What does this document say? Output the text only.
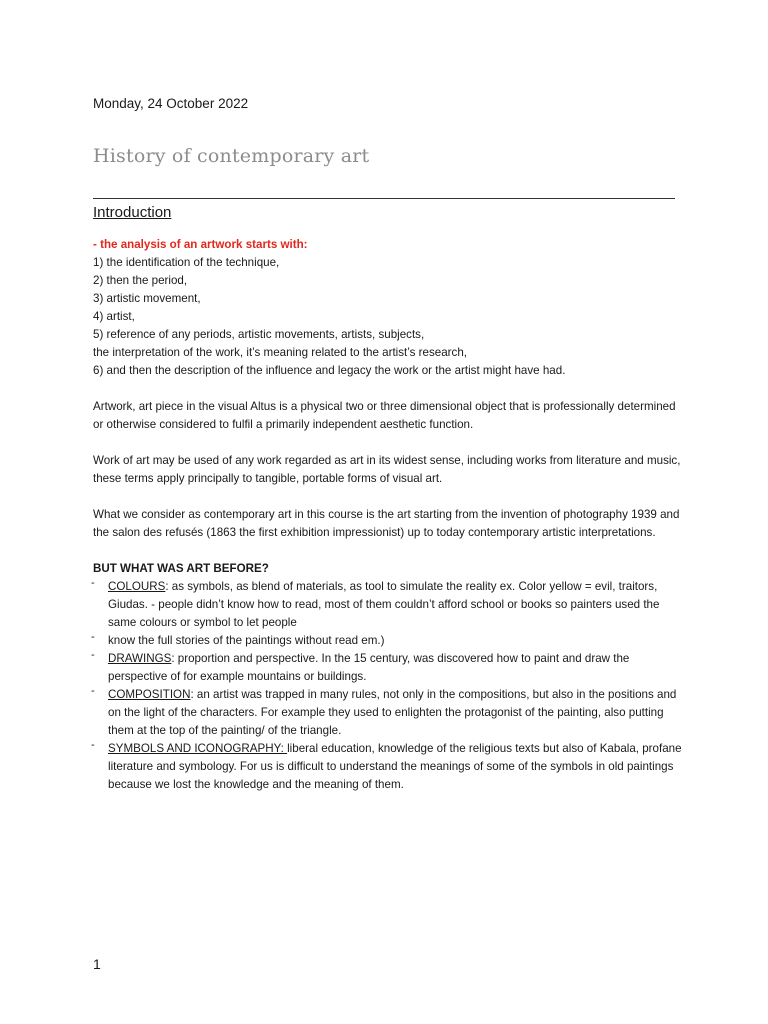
Monday, 24 October 2022
History of contemporary art
Introduction
- the analysis of an artwork starts with:
1) the identification of the technique,
2) then the period,
3) artistic movement,
4) artist,
5) reference of any periods, artistic movements, artists, subjects,
the interpretation of the work, it’s meaning related to the artist’s research,
6) and then the description of the influence and legacy the work or the artist might have had.
Artwork, art piece in the visual Altus is a physical two or three dimensional object that is professionally determined or otherwise considered to fulfil a primarily independent aesthetic function.
Work of art may be used of any work regarded as art in its widest sense, including works from literature and music, these terms apply principally to tangible, portable forms of visual art.
What we consider as contemporary art in this course is the art starting from the invention of photography 1939 and the salon des refusés (1863 the first exhibition impressionist) up to today contemporary artistic interpretations.
BUT WHAT WAS ART BEFORE?
- COLOURS: as symbols, as blend of materials, as tool to simulate the reality ex. Color yellow = evil, traitors, Giudas. - people didn’t know how to read, most of them couldn’t afford school or books so painters used the same colours or symbol to let people
- know the full stories of the paintings without read em.)
- DRAWINGS: proportion and perspective. In the 15 century, was discovered how to paint and draw the perspective of for example mountains or buildings.
- COMPOSITION: an artist was trapped in many rules, not only in the compositions, but also in the positions and on the light of the characters. For example they used to enlighten the protagonist of the painting, also putting them at the top of the painting/ of the triangle.
- SYMBOLS AND ICONOGRAPHY: liberal education, knowledge of the religious texts but also of Kabala, profane literature and symbology. For us is difficult to understand the meanings of some of the symbols in old paintings because we lost the knowledge and the meaning of them.
1
